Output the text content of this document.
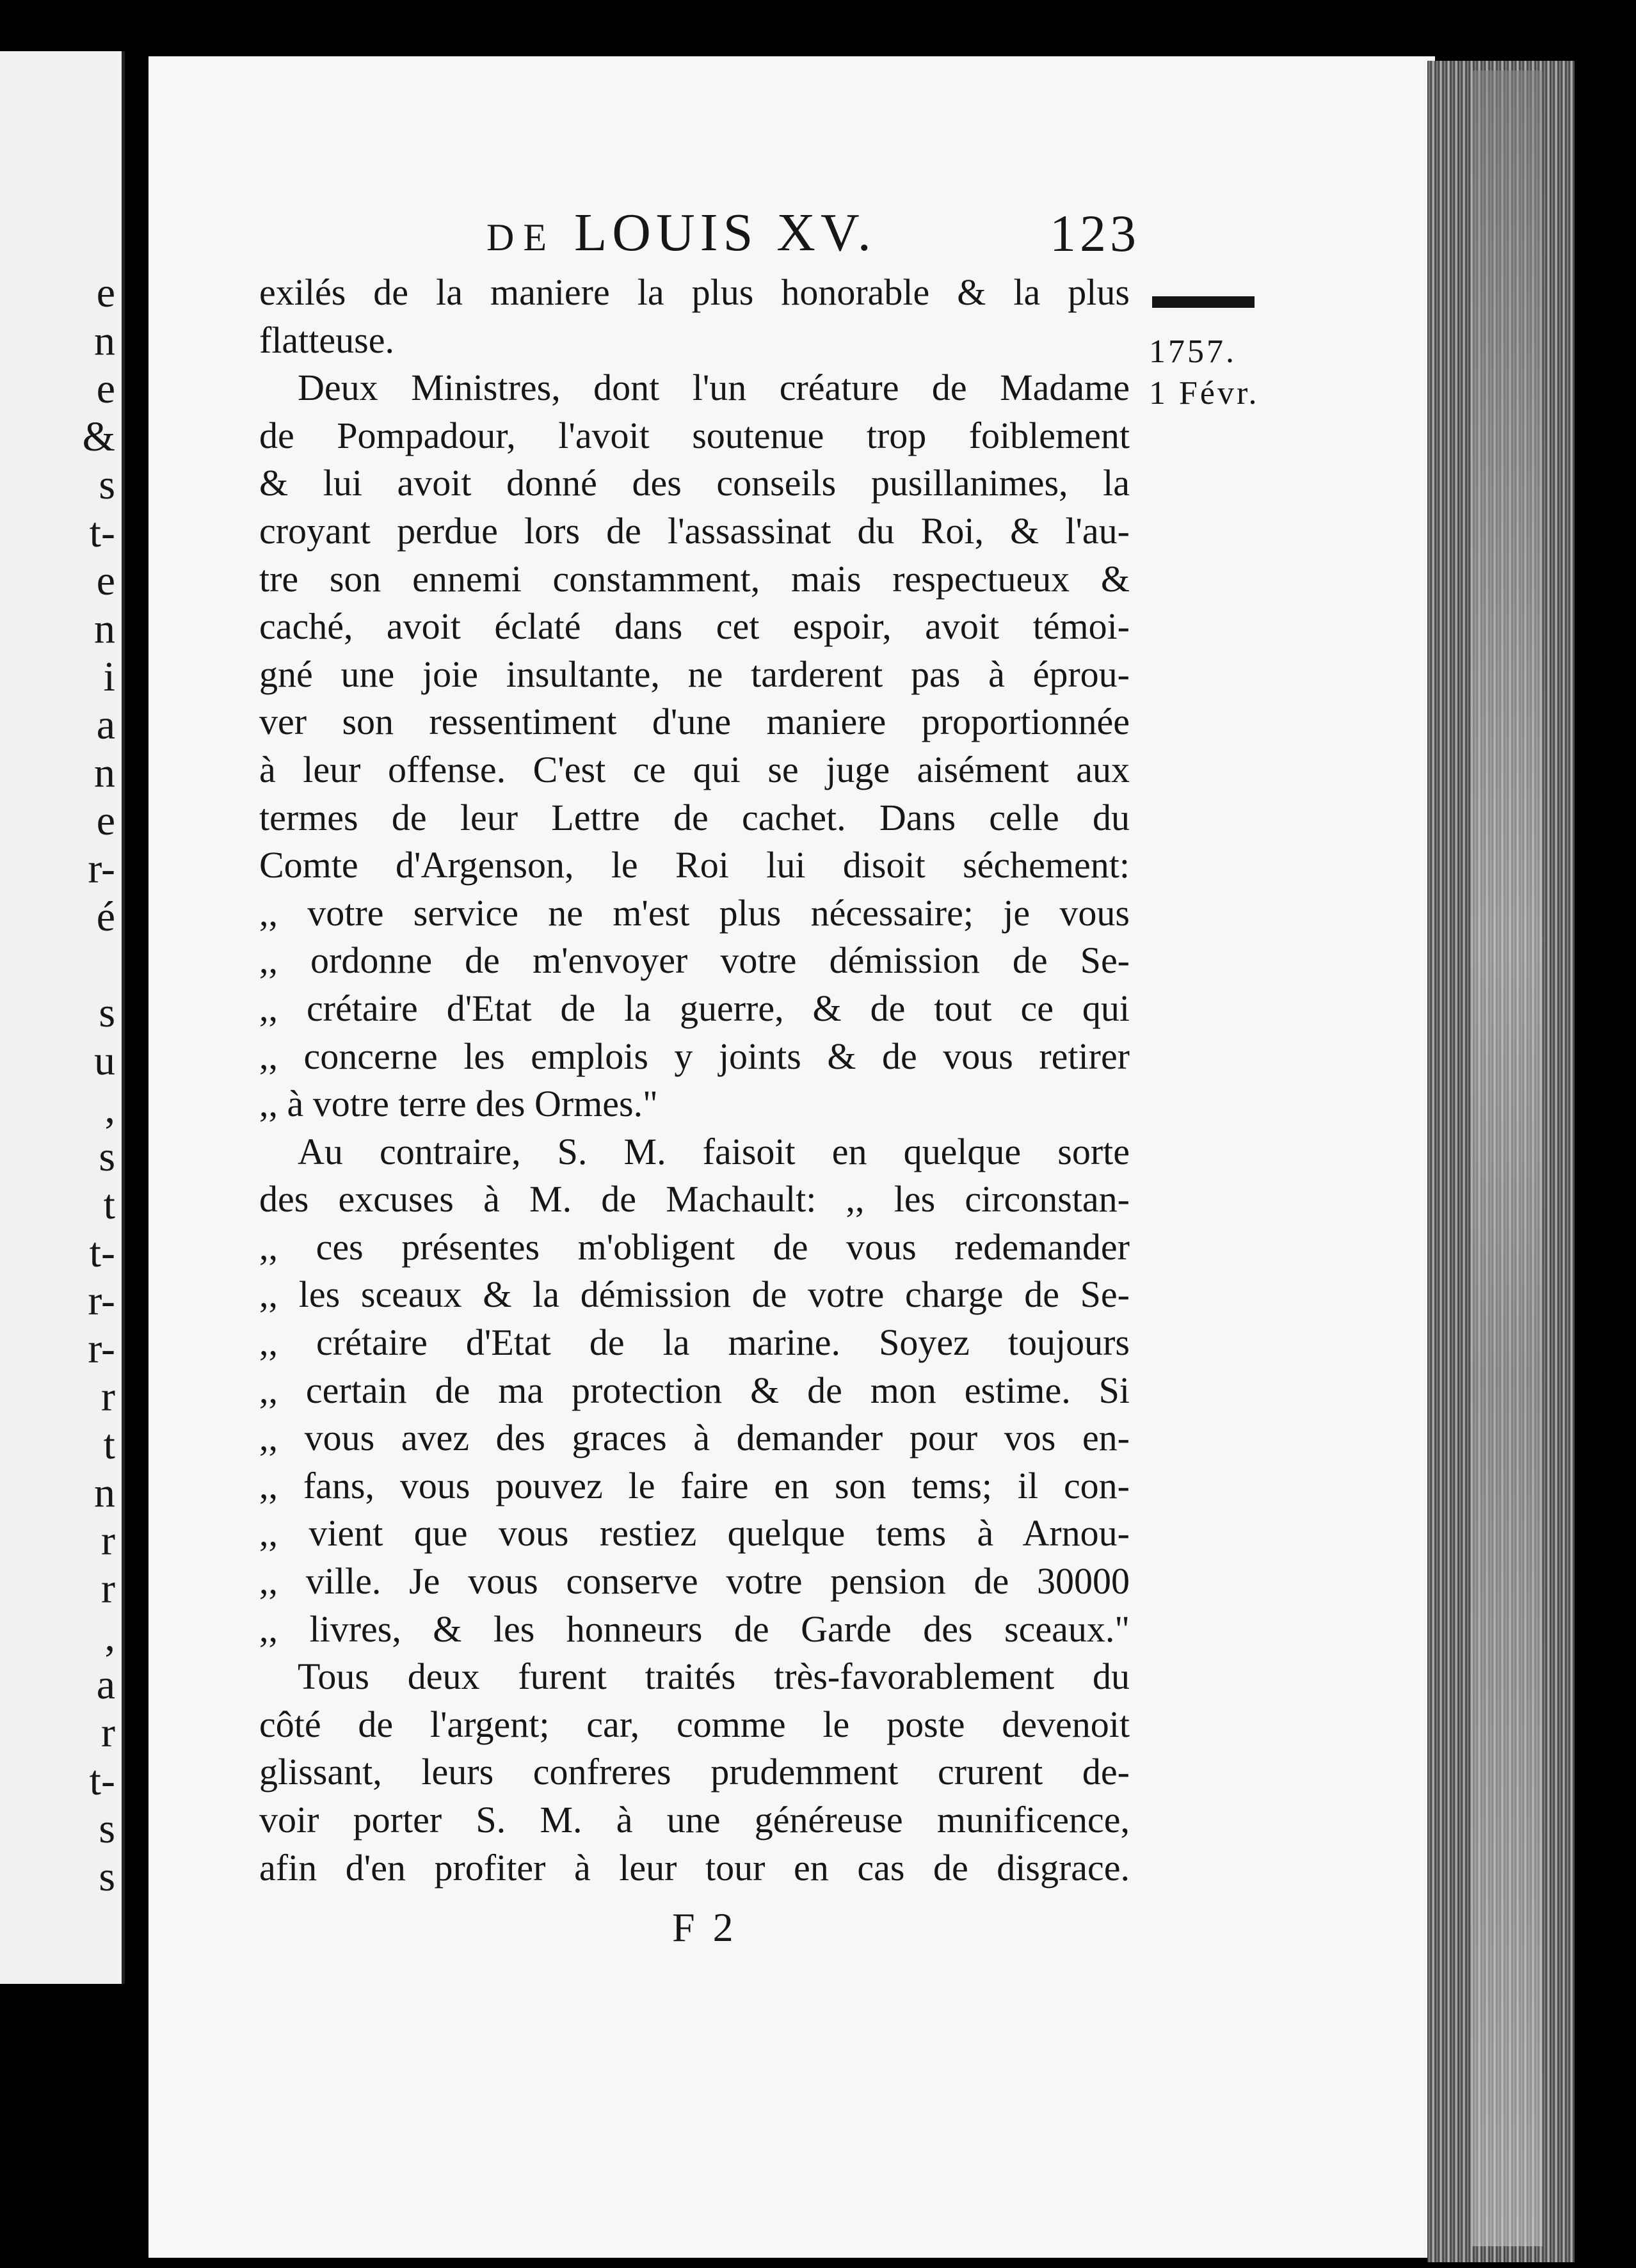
e
n
e
&
s
t-
e
n
i
a
n
e
r-
é
s
u
,
s
t
t-
r-
r-
r
t
n
r
r
,
a
r
t-
s
s
DE LOUIS XV.	123
1757.
1 Févr.
exilés de la maniere la plus honorable & la plus
flatteuse.
Deux Ministres, dont l'un créature de Madame
de Pompadour, l'avoit soutenue trop foiblement
& lui avoit donné des conseils pusillanimes, la
croyant perdue lors de l'assassinat du Roi, & l'au-
tre son ennemi constamment, mais respectueux &
caché, avoit éclaté dans cet espoir, avoit témoi-
gné une joie insultante, ne tarderent pas à éprou-
ver son ressentiment d'une maniere proportionnée
à leur offense. C'est ce qui se juge aisément aux
termes de leur Lettre de cachet. Dans celle du
Comte d'Argenson, le Roi lui disoit séchement:
,, votre service ne m'est plus nécessaire; je vous
,, ordonne de m'envoyer votre démission de Se-
,, crétaire d'Etat de la guerre, & de tout ce qui
,, concerne les emplois y joints & de vous retirer
,, à votre terre des Ormes."
Au contraire, S. M. faisoit en quelque sorte
des excuses à M. de Machault: ,, les circonstan-
,, ces présentes m'obligent de vous redemander
,, les sceaux & la démission de votre charge de Se-
,, crétaire d'Etat de la marine. Soyez toujours
,, certain de ma protection & de mon estime. Si
,, vous avez des graces à demander pour vos en-
,, fans, vous pouvez le faire en son tems; il con-
,, vient que vous restiez quelque tems à Arnou-
,, ville. Je vous conserve votre pension de 30000
,, livres, & les honneurs de Garde des sceaux."
Tous deux furent traités très-favorablement du
côté de l'argent; car, comme le poste devenoit
glissant, leurs confreres prudemment crurent de-
voir porter S. M. à une généreuse munificence,
afin d'en profiter à leur tour en cas de disgrace.
F 2
